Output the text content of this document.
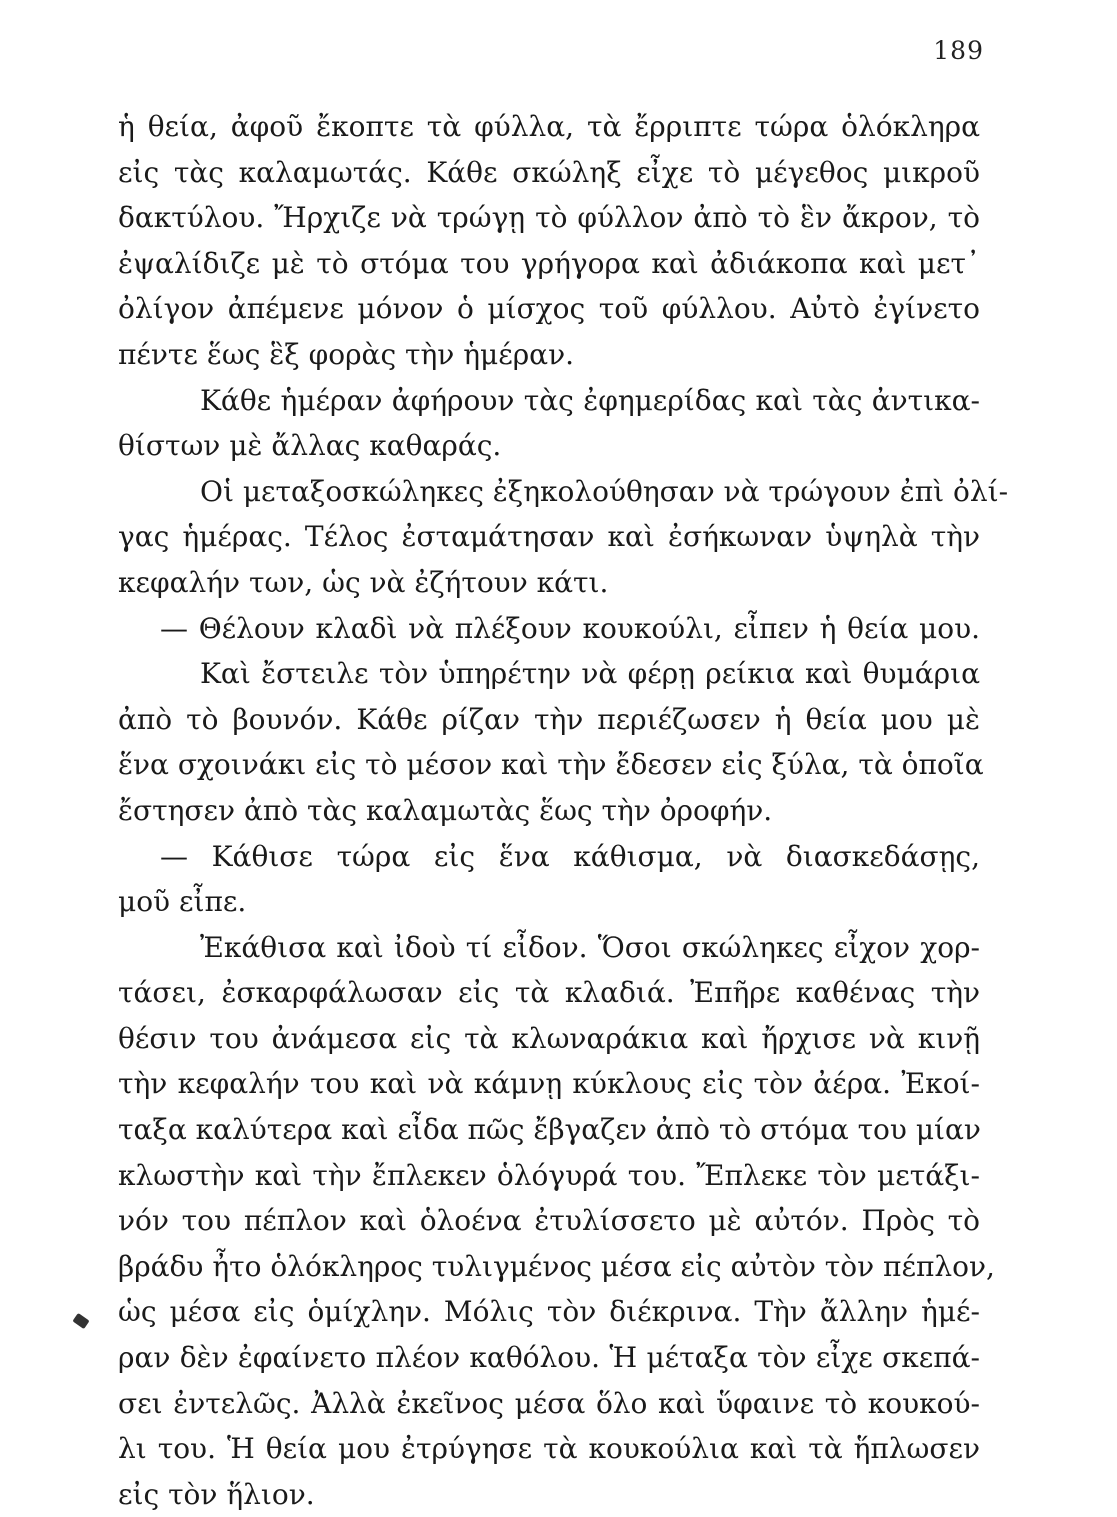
189
ἡ θεία, ἀφοῦ ἔκοπτε τὰ φύλλα, τὰ ἔρριπτε τώρα ὁλόκληρα
εἰς τὰς καλαμωτάς. Κάθε σκώληξ εἶχε τὸ μέγεθος μικροῦ
δακτύλου. Ἤρχιζε νὰ τρώγῃ τὸ φύλλον ἀπὸ τὸ ἓν ἄκρον, τὸ
ἐψαλίδιζε μὲ τὸ στόμα του γρήγορα καὶ ἀδιάκοπα καὶ μετ᾿
ὀλίγον ἀπέμενε μόνον ὁ μίσχος τοῦ φύλλου. Αὐτὸ ἐγίνετο
πέντε ἕως ἓξ φορὰς τὴν ἡμέραν.
Κάθε ἡμέραν ἀφήρουν τὰς ἐφημερίδας καὶ τὰς ἀντικα-
θίστων μὲ ἄλλας καθαράς.
Οἱ μεταξοσκώληκες ἐξηκολούθησαν νὰ τρώγουν ἐπὶ ὀλί-
γας ἡμέρας. Τέλος ἐσταμάτησαν καὶ ἐσήκωναν ὑψηλὰ τὴν
κεφαλήν των, ὡς νὰ ἐζήτουν κάτι.
— Θέλουν κλαδὶ νὰ πλέξουν κουκούλι, εἶπεν ἡ θεία μου.
Καὶ ἔστειλε τὸν ὑπηρέτην νὰ φέρῃ ρείκια καὶ θυμάρια
ἀπὸ τὸ βουνόν. Κάθε ρίζαν τὴν περιέζωσεν ἡ θεία μου μὲ
ἕνα σχοινάκι εἰς τὸ μέσον καὶ τὴν ἔδεσεν εἰς ξύλα, τὰ ὁποῖα
ἔστησεν ἀπὸ τὰς καλαμωτὰς ἕως τὴν ὀροφήν.
— Κάθισε τώρα εἰς ἕνα κάθισμα, νὰ διασκεδάσῃς,
μοῦ εἶπε.
Ἐκάθισα καὶ ἰδοὺ τί εἶδον. Ὅσοι σκώληκες εἶχον χορ-
τάσει, ἐσκαρφάλωσαν εἰς τὰ κλαδιά. Ἐπῆρε καθένας τὴν
θέσιν του ἀνάμεσα εἰς τὰ κλωναράκια καὶ ἤρχισε νὰ κινῇ
τὴν κεφαλήν του καὶ νὰ κάμνῃ κύκλους εἰς τὸν ἀέρα. Ἐκοί-
ταξα καλύτερα καὶ εἶδα πῶς ἔβγαζεν ἀπὸ τὸ στόμα του μίαν
κλωστὴν καὶ τὴν ἔπλεκεν ὁλόγυρά του. Ἔπλεκε τὸν μετάξι-
νόν του πέπλον καὶ ὁλοένα ἐτυλίσσετο μὲ αὐτόν. Πρὸς τὸ
βράδυ ἦτο ὁλόκληρος τυλιγμένος μέσα εἰς αὐτὸν τὸν πέπλον,
ὡς μέσα εἰς ὁμίχλην. Μόλις τὸν διέκρινα. Τὴν ἄλλην ἡμέ-
ραν δὲν ἐφαίνετο πλέον καθόλου. Ἡ μέταξα τὸν εἶχε σκεπά-
σει ἐντελῶς. Ἀλλὰ ἐκεῖνος μέσα ὅλο καὶ ὕφαινε τὸ κουκού-
λι του. Ἡ θεία μου ἐτρύγησε τὰ κουκούλια καὶ τὰ ἥπλωσεν
εἰς τὸν ἥλιον.
